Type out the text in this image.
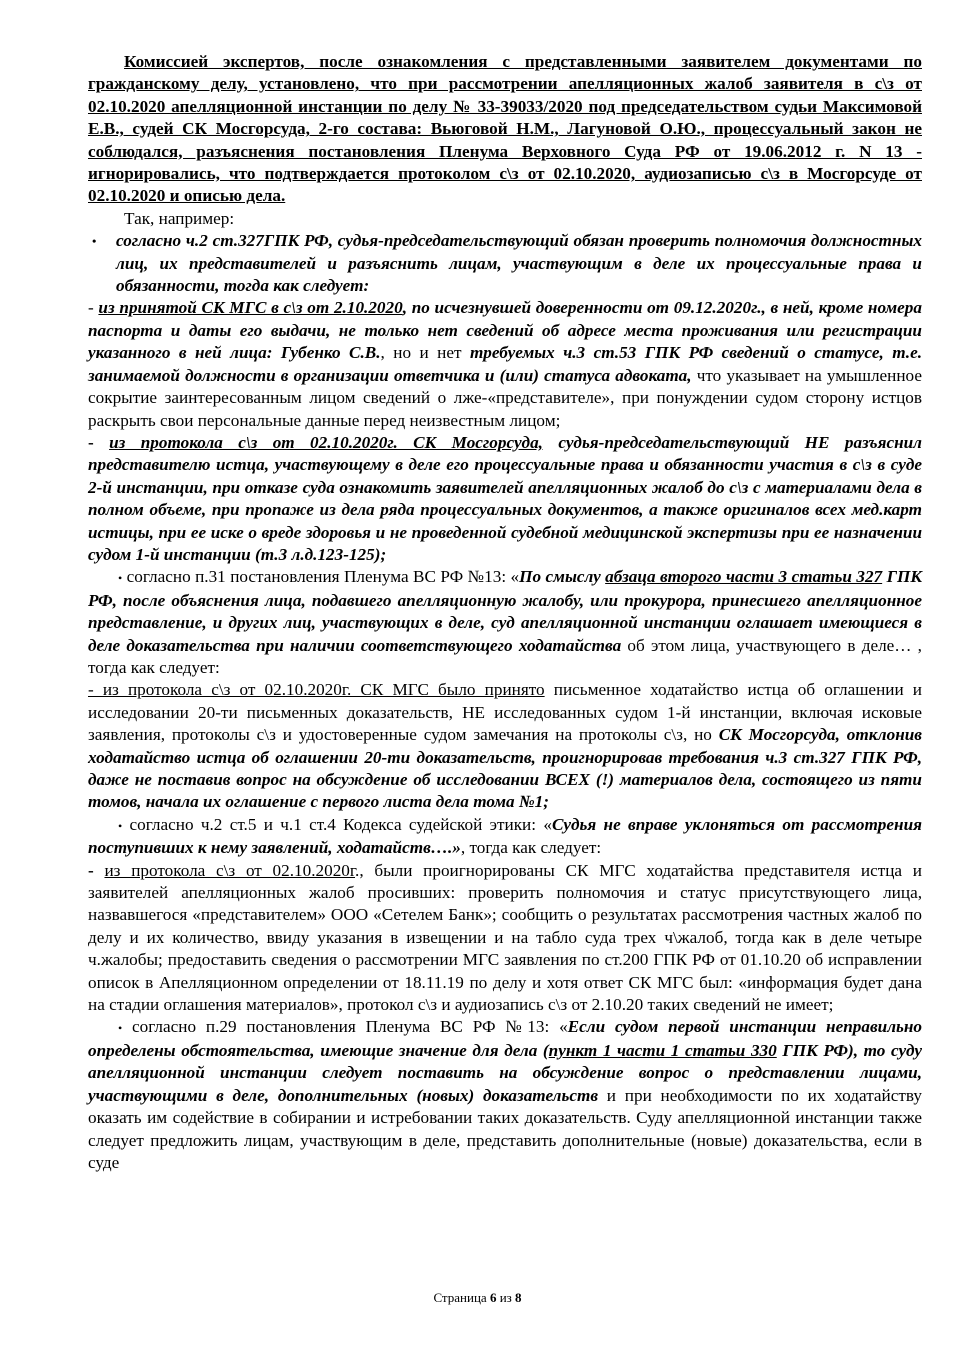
Комиссией экспертов, после ознакомления с представленными заявителем документами по гражданскому делу, установлено, что при рассмотрении апелляционных жалоб заявителя в с\з от 02.10.2020 апелляционной инстанции по делу № 33-39033/2020 под председательством судьи Максимовой Е.В., судей СК Мосгорсуда, 2-го состава: Вьюговой Н.М., Лагуновой О.Ю., процессуальный закон не соблюдался, разъяснения постановления Пленума Верховного Суда РФ от 19.06.2012 г. N 13 - игнорировались, что подтверждается протоколом с\з от 02.10.2020, аудиозаписью с\з в Мосгорсуде от 02.10.2020 и описью дела.

Так, например:

• согласно ч.2 ст.327ГПК РФ, судья-председательствующий обязан проверить полномочия должностных лиц, их представителей и разъяснить лицам, участвующим в деле их процессуальные права и обязанности, тогда как следует:

- из принятой СК МГС в с\з от 2.10.2020, по исчезнувшей доверенности от 09.12.2020г., в ней, кроме номера паспорта и даты его выдачи, не только нет сведений об адресе места проживания или регистрации указанного в ней лица: Губенко С.В., но и нет требуемых ч.3 ст.53 ГПК РФ сведений о статусе, т.е. занимаемой должности в организации ответчика и (или) статуса адвоката, что указывает на умышленное сокрытие заинтересованным лицом сведений о лже-«представителе», при понуждении судом сторону истцов раскрыть свои персональные данные перед неизвестным лицом;

- из протокола с\з от 02.10.2020г. СК Мосгорсуда, судья-председательствующий НЕ разъяснил представителю истца, участвующему в деле его процессуальные права и обязанности участия в с\з в суде 2-й инстанции, при отказе суда ознакомить заявителей апелляционных жалоб до с\з с материалами дела в полном объеме, при пропаже из дела ряда процессуальных документов, а также оригиналов всех мед.карт истицы, при ее иске о вреде здоровья и не проведенной судебной медицинской экспертизы при ее назначении судом 1-й инстанции (т.3 л.д.123-125);

• согласно п.31 постановления Пленума ВС РФ №13: «По смыслу абзаца второго части 3 статьи 327 ГПК РФ, после объяснения лица, подавшего апелляционную жалобу, или прокурора, принесшего апелляционное представление, и других лиц, участвующих в деле, суд апелляционной инстанции оглашает имеющиеся в деле доказательства при наличии соответствующего ходатайства об этом лица, участвующего в деле… , тогда как следует:

- из протокола с\з от 02.10.2020г. СК МГС было принято письменное ходатайство истца об оглашении и исследовании 20-ти письменных доказательств, НЕ исследованных судом 1-й инстанции, включая исковые заявления, протоколы с\з и удостоверенные судом замечания на протоколы с\з, но СК Мосгорсуда, отклонив ходатайство истца об оглашении 20-ти доказательств, проигнорировав требования ч.3 ст.327 ГПК РФ, даже не поставив вопрос на обсуждение об исследовании ВСЕХ (!) материалов дела, состоящего из пяти томов, начала их оглашение с первого листа дела тома №1;

• согласно ч.2 ст.5 и ч.1 ст.4 Кодекса судейской этики: «Судья не вправе уклоняться от рассмотрения поступивших к нему заявлений, ходатайств….», тогда как следует:

- из протокола с\з от 02.10.2020г., были проигнорированы СК МГС ходатайства представителя истца и заявителей апелляционных жалоб просивших: проверить полномочия и статус присутствующего лица, назвавшегося «представителем» ООО «Сетелем Банк»; сообщить о результатах рассмотрения частных жалоб по делу и их количество, ввиду указания в извещении и на табло суда трех ч\жалоб, тогда как в деле четыре ч.жалобы; предоставить сведения о рассмотрении МГС заявления по ст.200 ГПК РФ от 01.10.20 об исправлении описок в Апелляционном определении от 18.11.19 по делу и хотя ответ СК МГС был: «информация будет дана на стадии оглашения материалов», протокол с\з и аудиозапись с\з от 2.10.20 таких сведений не имеет;

• согласно п.29 постановления Пленума ВС РФ №13: «Если судом первой инстанции неправильно определены обстоятельства, имеющие значение для дела (пункт 1 части 1 статьи 330 ГПК РФ), то суду апелляционной инстанции следует поставить на обсуждение вопрос о представлении лицами, участвующими в деле, дополнительных (новых) доказательств и при необходимости по их ходатайству оказать им содействие в собирании и истребовании таких доказательств. Суду апелляционной инстанции также следует предложить лицам, участвующим в деле, представить дополнительные (новые) доказательства, если в суде

Страница 6 из 8
